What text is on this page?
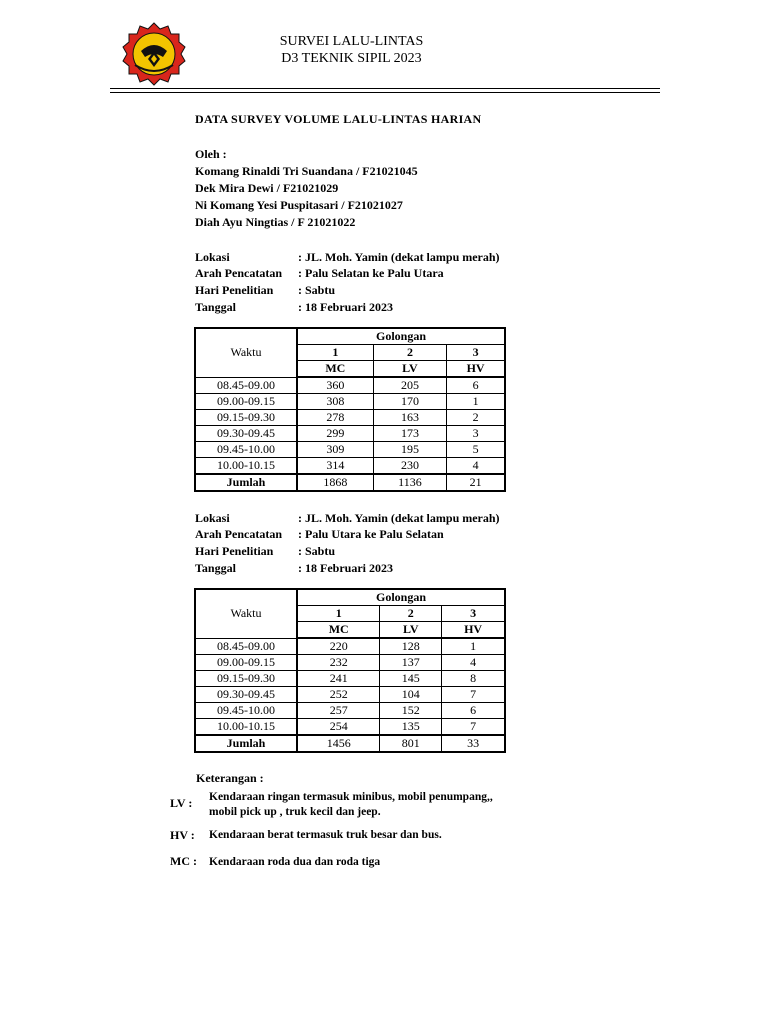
SURVEI LALU-LINTAS
D3 TEKNIK SIPIL 2023
DATA SURVEY VOLUME LALU-LINTAS HARIAN
Oleh :
Komang Rinaldi Tri Suandana / F21021045
Dek Mira Dewi / F21021029
Ni Komang Yesi Puspitasari / F21021027
Diah Ayu Ningtias / F 21021022
Lokasi	: JL. Moh. Yamin (dekat lampu merah)
Arah Pencatatan : Palu Selatan ke Palu Utara
Hari Penelitian : Sabtu
Tanggal	: 18 Februari 2023
Waktu	Golongan		
	1	2	3
	MC	LV	HV
08.45-09.00	360	205	6
09.00-09.15	308	170	1
09.15-09.30	278	163	2
09.30-09.45	299	173	3
09.45-10.00	309	195	5
10.00-10.15	314	230	4
Jumlah	1868	1136	21
Lokasi	: JL. Moh. Yamin (dekat lampu merah)
Arah Pencatatan : Palu Utara ke Palu Selatan
Hari Penelitian : Sabtu
Tanggal	: 18 Februari 2023
Waktu	Golongan		
	1	2	3
	MC	LV	HV
08.45-09.00	220	128	1
09.00-09.15	232	137	4
09.15-09.30	241	145	8
09.30-09.45	252	104	7
09.45-10.00	257	152	6
10.00-10.15	254	135	7
Jumlah	1456	801	33
Keterangan :
LV : Kendaraan ringan termasuk minibus, mobil penumpang,,
mobil pick up , truk kecil dan jeep.
HV : Kendaraan berat termasuk truk besar dan bus.
MC : Kendaraan roda dua dan roda tiga
